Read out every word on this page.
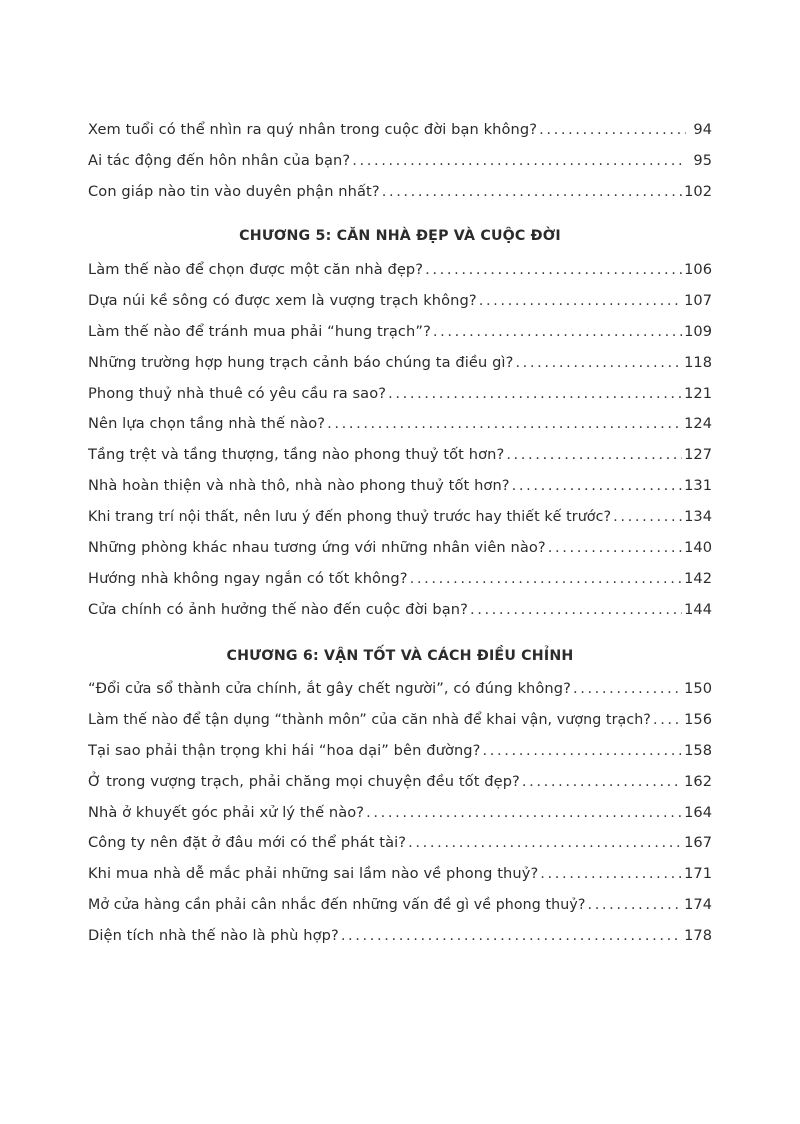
Xem tuổi có thể nhìn ra quý nhân trong cuộc đời bạn không? .....	94
Ai tác động đến hôn nhân của bạn? .....	95
Con giáp nào tin vào duyên phận nhất? .....	102
CHƯƠNG 5: CĂN NHÀ ĐẸP VÀ CUỘC ĐỜI
Làm thế nào để chọn được một căn nhà đẹp? .....	106
Dựa núi kề sông có được xem là vượng trạch không? .....	107
Làm thế nào để tránh mua phải “hung trạch”? .....	109
Những trường hợp hung trạch cảnh báo chúng ta điều gì? .....	118
Phong thuỷ nhà thuê có yêu cầu ra sao? .....	121
Nên lựa chọn tầng nhà thế nào? .....	124
Tầng trệt và tầng thượng, tầng nào phong thuỷ tốt hơn? .....	127
Nhà hoàn thiện và nhà thô, nhà nào phong thuỷ tốt hơn? .....	131
Khi trang trí nội thất, nên lưu ý đến phong thuỷ trước hay thiết kế trước? .....	134
Những phòng khác nhau tương ứng với những nhân viên nào? .....	140
Hướng nhà không ngay ngắn có tốt không? .....	142
Cửa chính có ảnh hưởng thế nào đến cuộc đời bạn? .....	144
CHƯƠNG 6: VẬN TỐT VÀ CÁCH ĐIỀU CHỈNH
“Đổi cửa sổ thành cửa chính, ắt gây chết người”, có đúng không? .....	150
Làm thế nào để tận dụng “thành môn” của căn nhà để khai vận, vượng trạch? ..... 156
Tại sao phải thận trọng khi hái “hoa dại” bên đường? .....	158
Ở trong vượng trạch, phải chăng mọi chuyện đều tốt đẹp? .....	162
Nhà ở khuyết góc phải xử lý thế nào? .....	164
Công ty nên đặt ở đâu mới có thể phát tài? .....	167
Khi mua nhà dễ mắc phải những sai lầm nào về phong thuỷ? .....	171
Mở cửa hàng cần phải cân nhắc đến những vấn đề gì về phong thuỷ? .....	174
Diện tích nhà thế nào là phù hợp? .....	178
